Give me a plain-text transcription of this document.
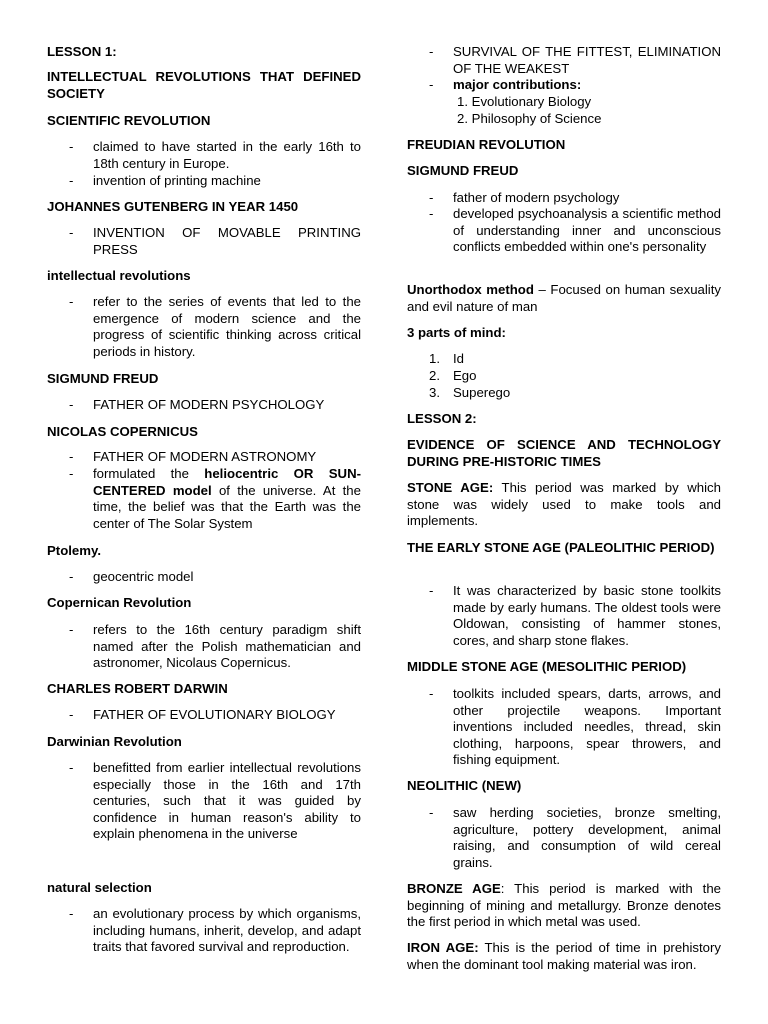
LESSON 1:
INTELLECTUAL REVOLUTIONS THAT DEFINED SOCIETY
SCIENTIFIC REVOLUTION
- claimed to have started in the early 16th to 18th century in Europe.
- invention of printing machine
JOHANNES GUTENBERG IN YEAR 1450
- INVENTION OF MOVABLE PRINTING PRESS
intellectual revolutions
- refer to the series of events that led to the emergence of modern science and the progress of scientific thinking across critical periods in history.
SIGMUND FREUD
- FATHER OF MODERN PSYCHOLOGY
NICOLAS COPERNICUS
- FATHER OF MODERN ASTRONOMY
- formulated the heliocentric OR SUN-CENTERED model of the universe. At the time, the belief was that the Earth was the center of The Solar System
Ptolemy.
- geocentric model
Copernican Revolution
- refers to the 16th century paradigm shift named after the Polish mathematician and astronomer, Nicolaus Copernicus.
CHARLES ROBERT DARWIN
- FATHER OF EVOLUTIONARY BIOLOGY
Darwinian Revolution
- benefitted from earlier intellectual revolutions especially those in the 16th and 17th centuries, such that it was guided by confidence in human reason's ability to explain phenomena in the universe
natural selection
- an evolutionary process by which organisms, including humans, inherit, develop, and adapt traits that favored survival and reproduction.
- SURVIVAL OF THE FITTEST, ELIMINATION OF THE WEAKEST
- major contributions:
1. Evolutionary Biology
2. Philosophy of Science
FREUDIAN REVOLUTION
SIGMUND FREUD
- father of modern psychology
- developed psychoanalysis a scientific method of understanding inner and unconscious conflicts embedded within one's personality
Unorthodox method – Focused on human sexuality and evil nature of man
3 parts of mind:
1. Id
2. Ego
3. Superego
LESSON 2:
EVIDENCE OF SCIENCE AND TECHNOLOGY DURING PRE-HISTORIC TIMES
STONE AGE: This period was marked by which stone was widely used to make tools and implements.
THE EARLY STONE AGE (PALEOLITHIC PERIOD)
- It was characterized by basic stone toolkits made by early humans. The oldest tools were Oldowan, consisting of hammer stones, cores, and sharp stone flakes.
MIDDLE STONE AGE (MESOLITHIC PERIOD)
- toolkits included spears, darts, arrows, and other projectile weapons. Important inventions included needles, thread, skin clothing, harpoons, spear throwers, and fishing equipment.
NEOLITHIC (NEW)
- saw herding societies, bronze smelting, agriculture, pottery development, animal raising, and consumption of wild cereal grains.
BRONZE AGE: This period is marked with the beginning of mining and metallurgy. Bronze denotes the first period in which metal was used.
IRON AGE: This is the period of time in prehistory when the dominant tool making material was iron.
